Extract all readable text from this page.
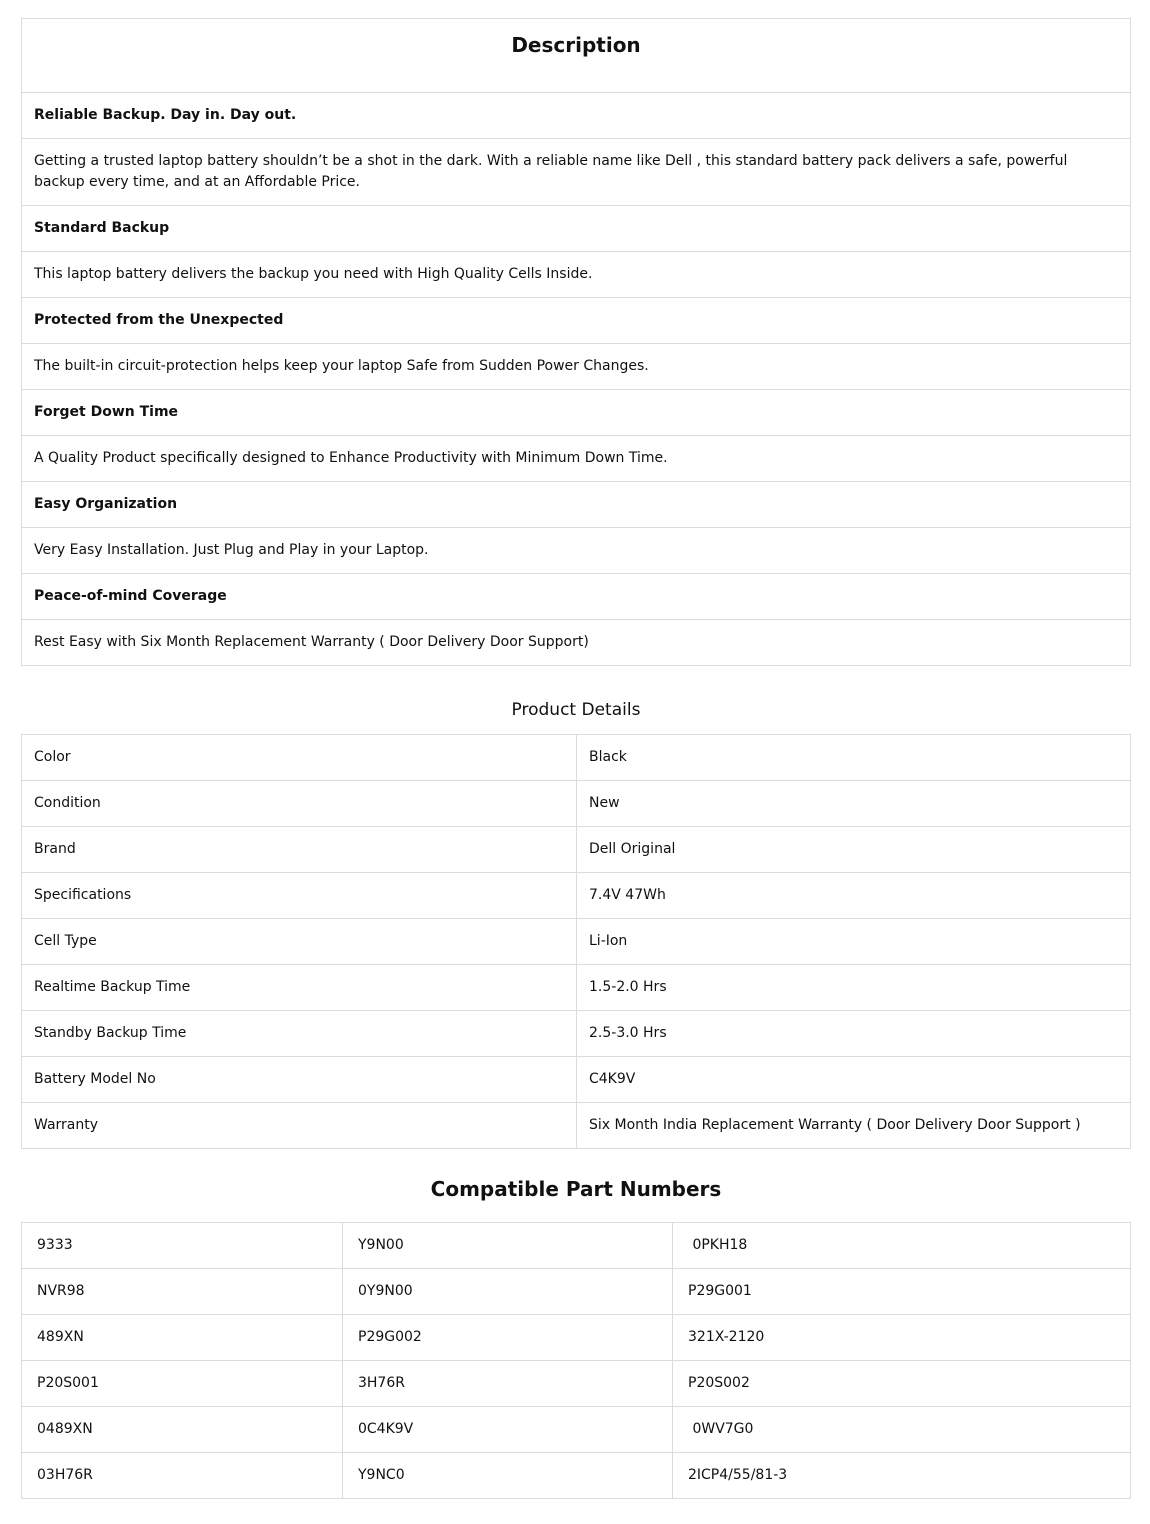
Description
Reliable Backup. Day in. Day out.
Getting a trusted laptop battery shouldn’t be a shot in the dark. With a reliable name like Dell , this standard battery pack delivers a safe, powerful backup every time, and at an Affordable Price.
Standard Backup
This laptop battery delivers the backup you need with High Quality Cells Inside.
Protected from the Unexpected
The built-in circuit-protection helps keep your laptop Safe from Sudden Power Changes.
Forget Down Time
A Quality Product specifically designed to Enhance Productivity with Minimum Down Time.
Easy Organization
Very Easy Installation. Just Plug and Play in your Laptop.
Peace-of-mind Coverage
Rest Easy with Six Month Replacement Warranty ( Door Delivery Door Support)
Product Details
Color	Black
Condition	New
Brand	Dell Original
Specifications	7.4V 47Wh
Cell Type	Li-Ion
Realtime Backup Time	1.5-2.0 Hrs
Standby Backup Time	2.5-3.0 Hrs
Battery Model No	C4K9V
Warranty	Six Month India Replacement Warranty ( Door Delivery Door Support )
Compatible Part Numbers
9333	Y9N00	0PKH18
NVR98	0Y9N00	P29G001
489XN	P29G002	321X-2120
P20S001	3H76R	P20S002
0489XN	0C4K9V	0WV7G0
03H76R	Y9NC0	2ICP4/55/81-3
